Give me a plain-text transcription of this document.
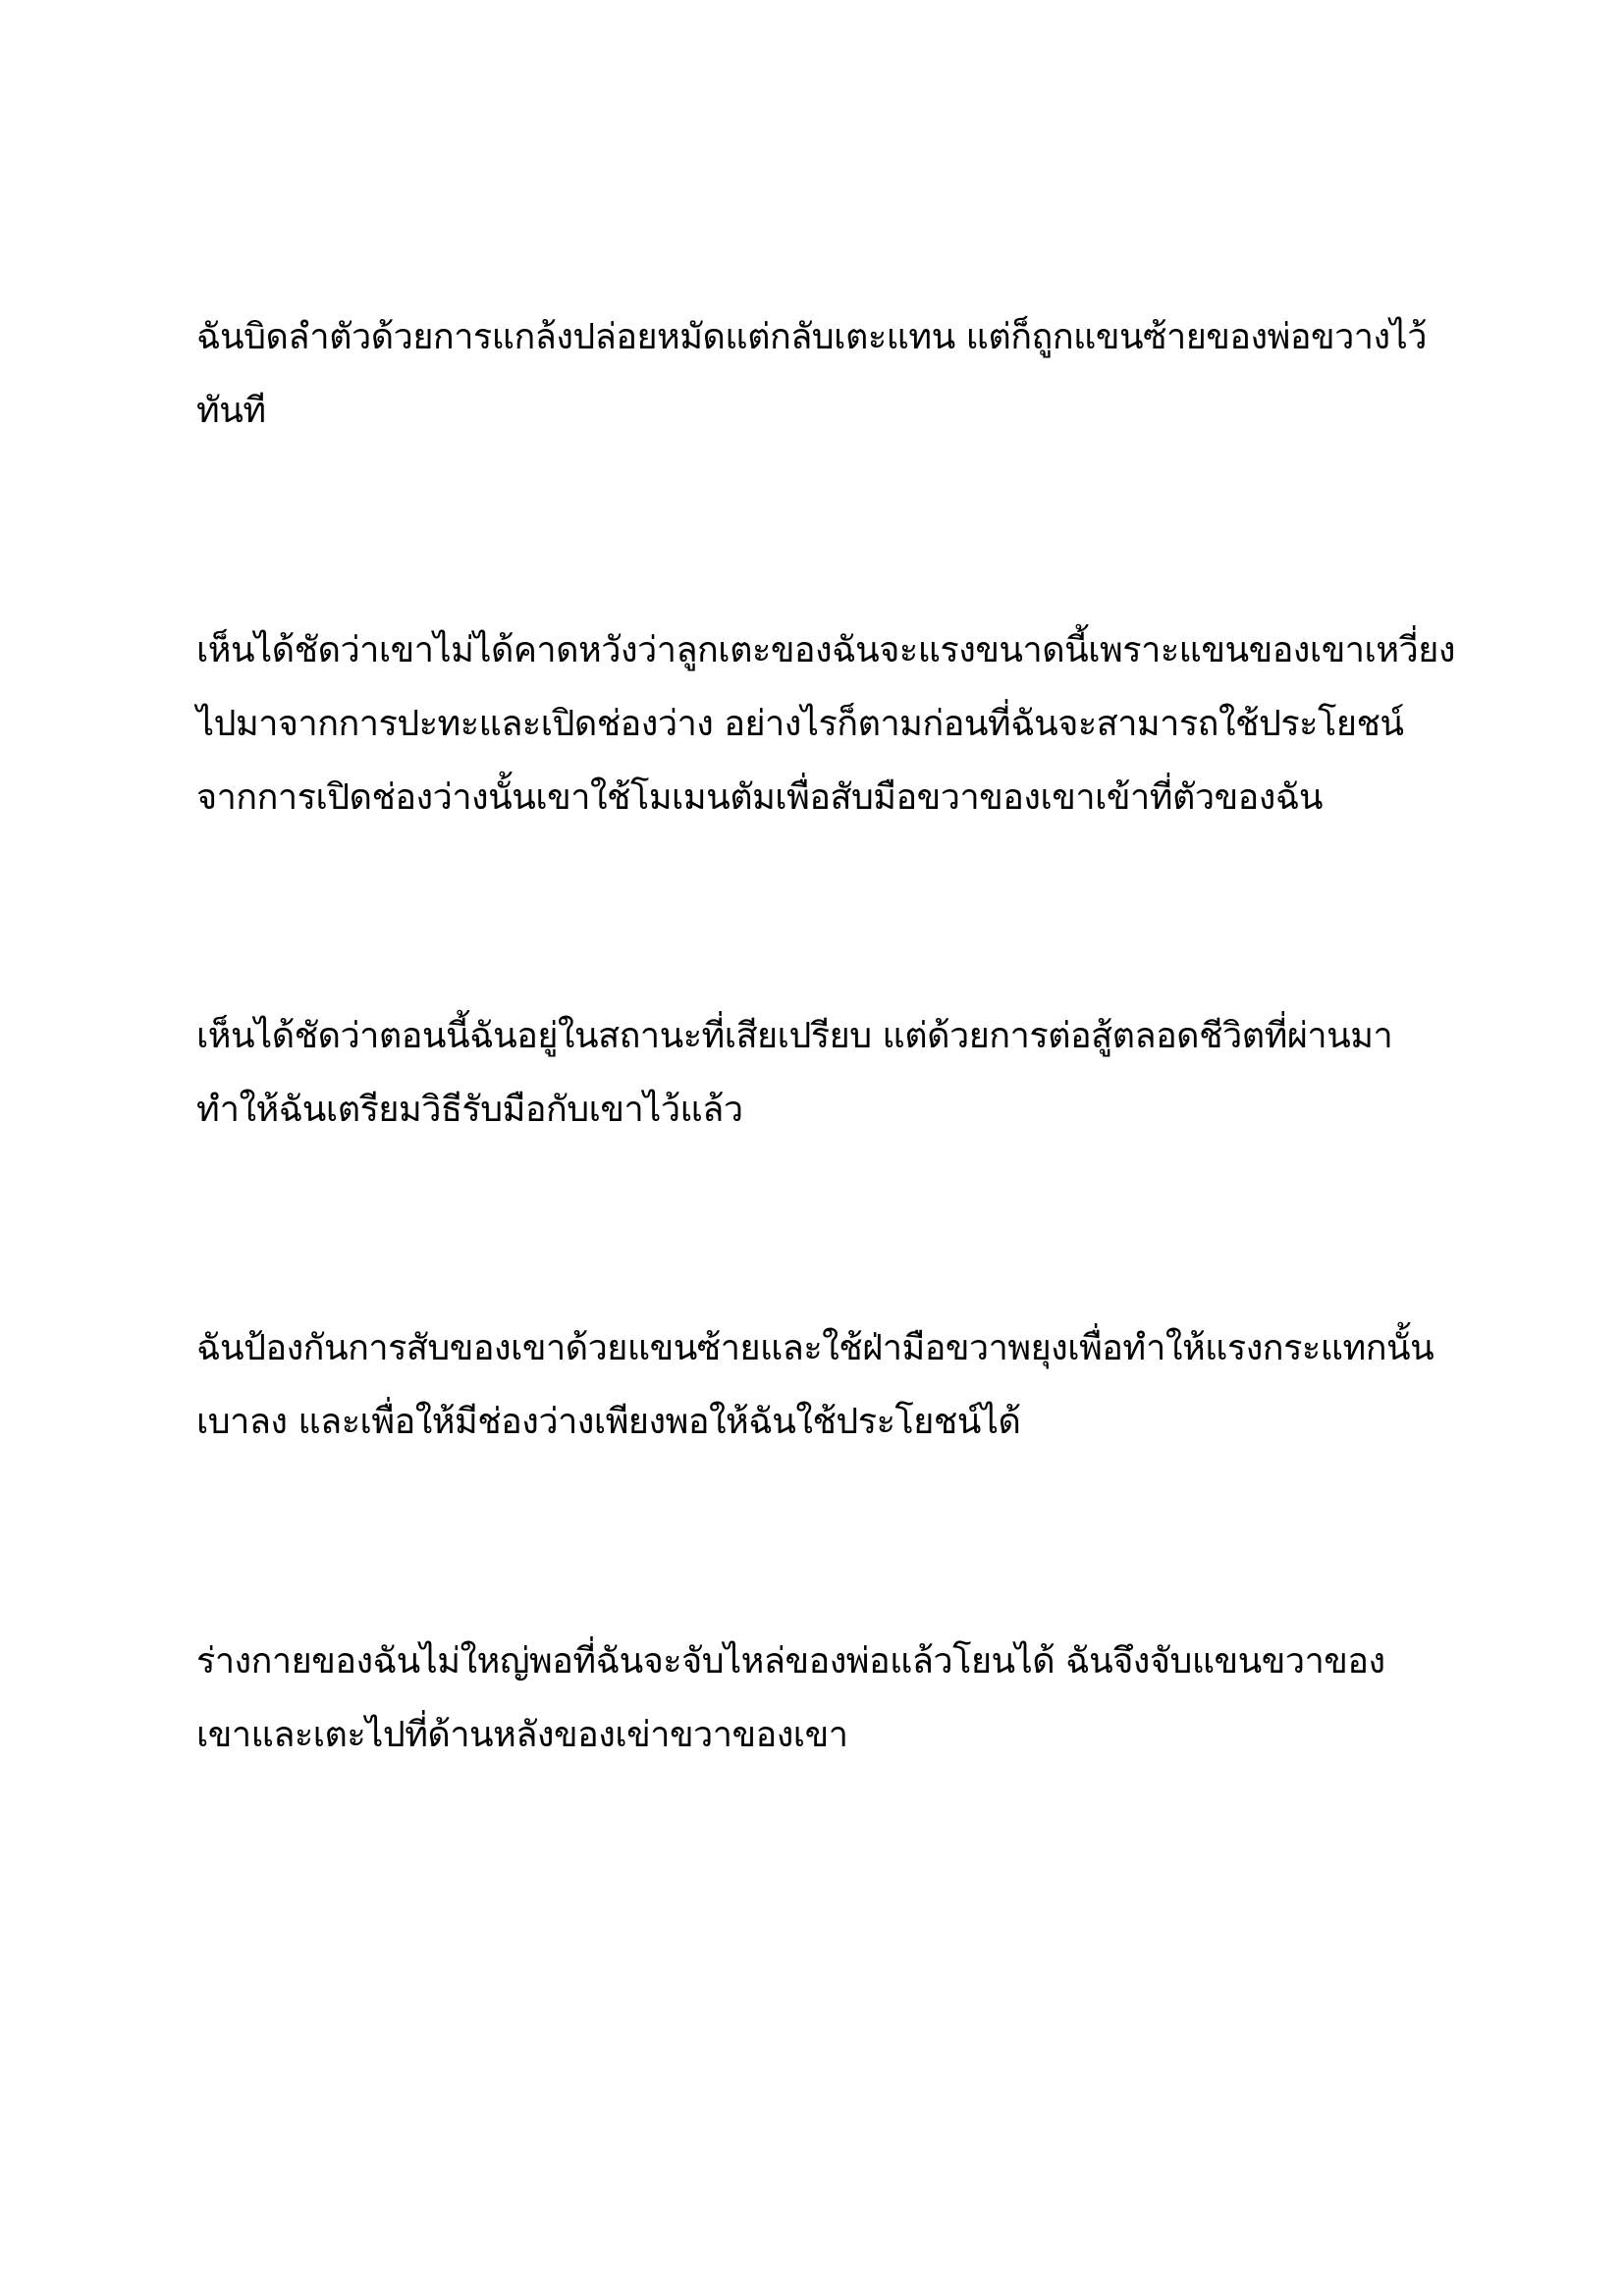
ฉันบิดลำตัวด้วยการแกล้งปล่อยหมัดแต่กลับเตะแทน แต่ก็ถูกแขนซ้ายของพ่อขวางไว้
ทันที

เห็นได้ชัดว่าเขาไม่ได้คาดหวังว่าลูกเตะของฉันจะแรงขนาดนี้เพราะแขนของเขาเหวี่ยง
ไปมาจากการปะทะและเปิดช่องว่าง อย่างไรก็ตามก่อนที่ฉันจะสามารถใช้ประโยชน์
จากการเปิดช่องว่างนั้นเขาใช้โมเมนตัมเพื่อสับมือขวาของเขาเข้าที่ตัวของฉัน

เห็นได้ชัดว่าตอนนี้ฉันอยู่ในสถานะที่เสียเปรียบ แต่ด้วยการต่อสู้ตลอดชีวิตที่ผ่านมา
ทำให้ฉันเตรียมวิธีรับมือกับเขาไว้แล้ว

ฉันป้องกันการสับของเขาด้วยแขนซ้ายและใช้ฝ่ามือขวาพยุงเพื่อทำให้แรงกระแทกนั้น
เบาลง และเพื่อให้มีช่องว่างเพียงพอให้ฉันใช้ประโยชน์ได้

ร่างกายของฉันไม่ใหญ่พอที่ฉันจะจับไหล่ของพ่อแล้วโยนได้ ฉันจึงจับแขนขวาของ
เขาและเตะไปที่ด้านหลังของเข่าขวาของเขา
